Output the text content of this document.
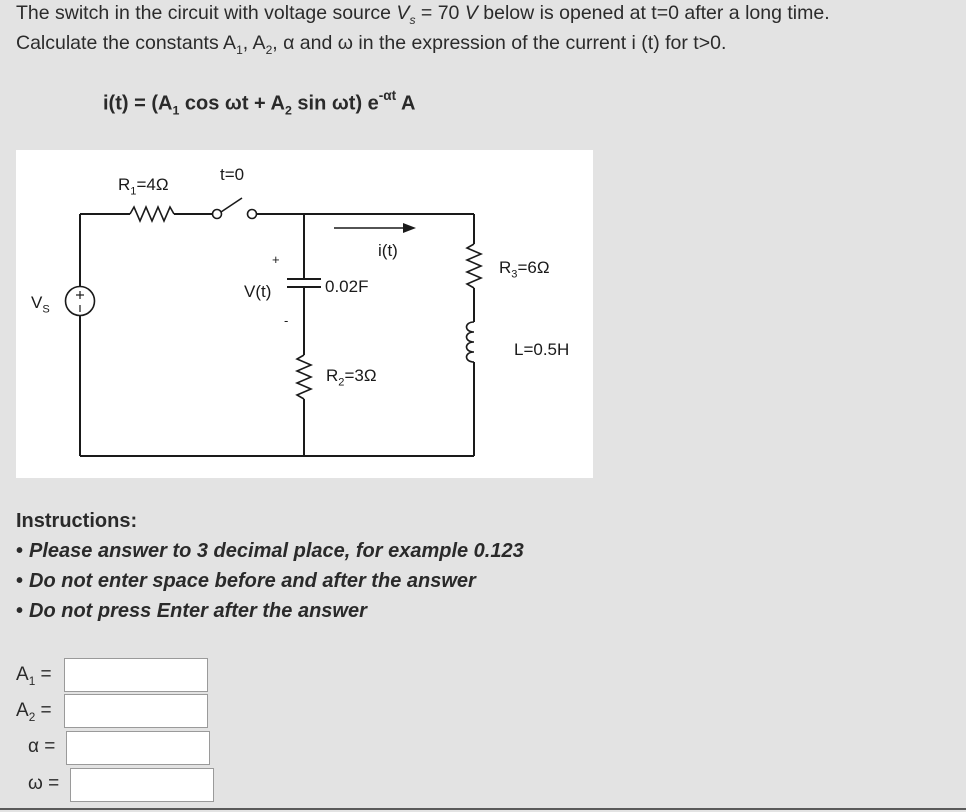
The switch in the circuit with voltage source $V_s = 70$ V below is opened at t=0 after a long time.
Calculate the constants $A_1$, $A_2$, α and ω in the expression of the current i (t) for t>0.
$i(t) = (A_1$ $\cos \omega t + A_2$ sin ωt) $e^{-\alpha t}$ A
$R_1=4\Omega$
t=0
i(t)
+
-
V(t)	0.02F
$R_2=3\Omega$
$R_3=6\Omega$
L=0.5H
$V_S$
Instructions:
• Please answer to 3 decimal place, for example 0.123
• Do not enter space before and after the answer
• Do not press Enter after the answer
$A_1$ =
$A_2$ =
α =
ω =
